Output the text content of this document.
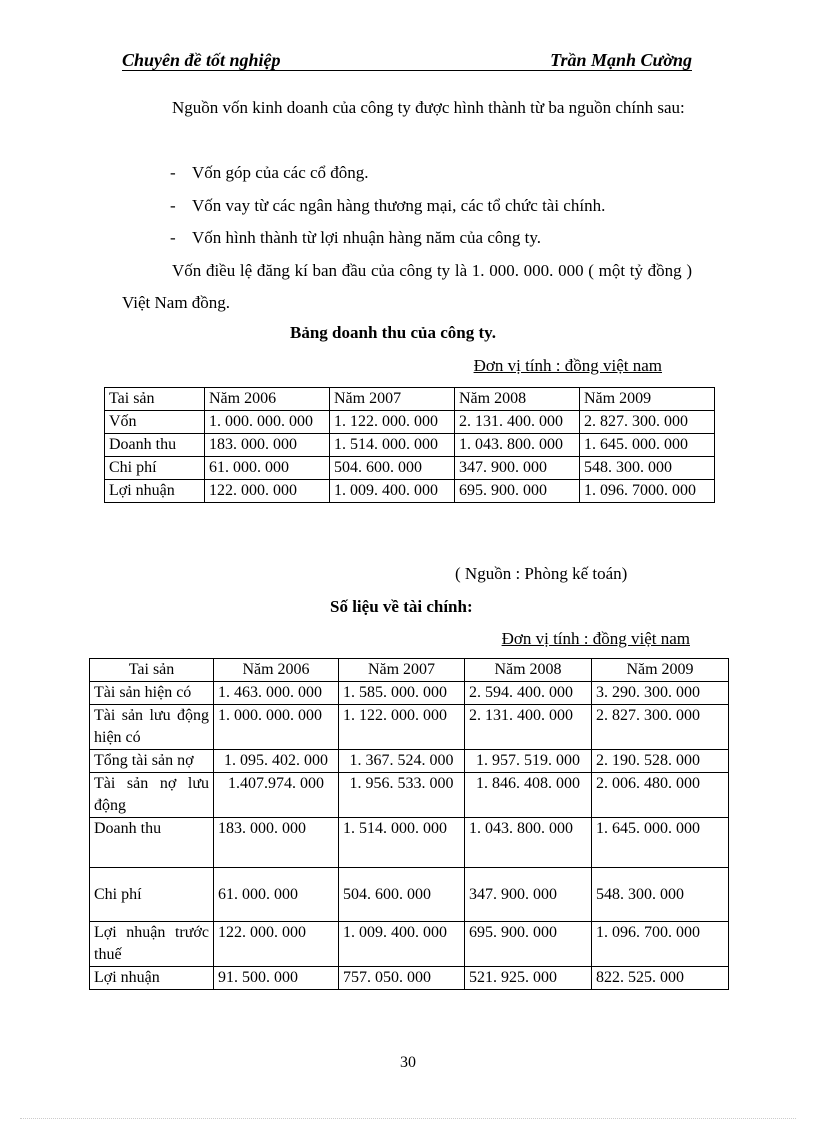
Chuyên đề tốt nghiệp	Trần Mạnh Cường
Nguồn vốn kinh doanh của công ty được hình thành từ ba nguồn chính sau:
- Vốn góp của các cổ đông.
- Vốn vay từ các ngân hàng thương mại, các tổ chức tài chính.
- Vốn hình thành từ lợi nhuận hàng năm của công ty.
Vốn điều lệ đăng kí ban đầu của công ty là 1. 000. 000. 000 ( một tỷ đồng ) Việt Nam đồng.
Bảng doanh thu của công ty.
Đơn vị tính : đồng việt nam
Tai sản	Năm 2006	Năm 2007	Năm 2008	Năm 2009
Vốn	1. 000. 000. 000	1. 122. 000. 000	2. 131. 400. 000	2. 827. 300. 000
Doanh thu	183. 000. 000	1. 514. 000. 000	1. 043. 800. 000	1. 645. 000. 000
Chi phí	61. 000. 000	504. 600. 000	347. 900. 000	548. 300. 000
Lợi nhuận	122. 000. 000	1. 009. 400. 000	695. 900. 000	1. 096. 7000. 000
( Nguồn : Phòng kế toán)
Số liệu về tài chính:
Đơn vị tính : đồng việt nam
Tai sản	Năm 2006	Năm 2007	Năm 2008	Năm 2009
Tài sản hiện có	1. 463. 000. 000	1. 585. 000. 000	2. 594. 400. 000	3. 290. 300. 000
Tài sản lưu động hiện có	1. 000. 000. 000	1. 122. 000. 000	2. 131. 400. 000	2. 827. 300. 000
Tổng tài sản nợ	1. 095. 402. 000	1. 367. 524. 000	1. 957. 519. 000	2. 190. 528. 000
Tài sản nợ lưu động	1.407.974. 000	1. 956. 533. 000	1. 846. 408. 000	2. 006. 480. 000
Doanh thu	183. 000. 000	1. 514. 000. 000	1. 043. 800. 000	1. 645. 000. 000
Chi phí	61. 000. 000	504. 600. 000	347. 900. 000	548. 300. 000
Lợi nhuận trước thuế	122. 000. 000	1. 009. 400. 000	695. 900. 000	1. 096. 700. 000
Lợi nhuận	91. 500. 000	757. 050. 000	521. 925. 000	822. 525. 000
30
